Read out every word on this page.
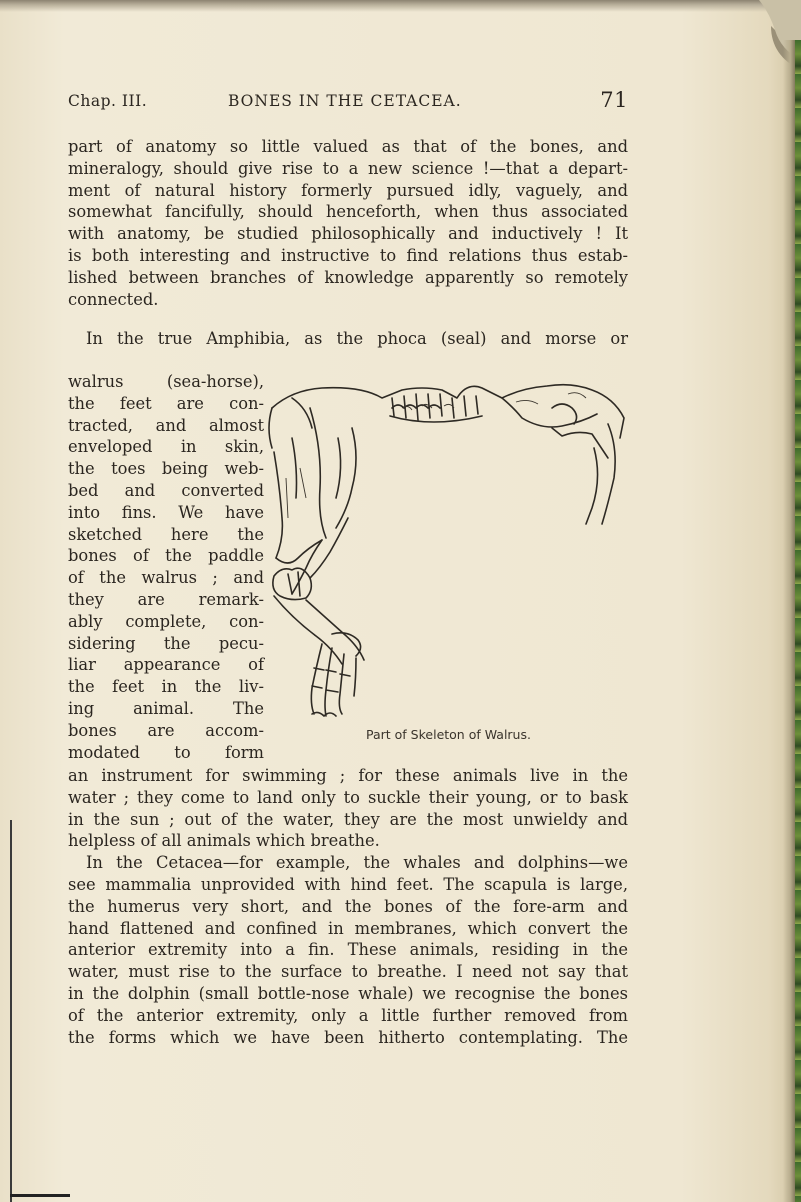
Chap. III.	BONES IN THE CETACEA.	71
part of anatomy so little valued as that of the bones, and
mineralogy, should give rise to a new science !—that a depart-
ment of natural history formerly pursued idly, vaguely, and
somewhat fancifully, should henceforth, when thus associated
with anatomy, be studied philosophically and inductively ! It
is both interesting and instructive to find relations thus estab-
lished between branches of knowledge apparently so remotely
connected.
In the true Amphibia, as the phoca (seal) and morse or
walrus (sea-horse),
the feet are con-
tracted, and almost
enveloped in skin,
the toes being web-
bed and converted
into fins. We have
sketched here the
bones of the paddle
of the walrus ; and
they are remark-
ably complete, con-
sidering the pecu-
liar appearance of
the feet in the liv-
ing animal. The
bones are accom-
modated to form
Part of Skeleton of Walrus.
an instrument for swimming ; for these animals live in the
water ; they come to land only to suckle their young, or to bask
in the sun ; out of the water, they are the most unwieldy and
helpless of all animals which breathe.
In the Cetacea—for example, the whales and dolphins—we
see mammalia unprovided with hind feet. The scapula is large,
the humerus very short, and the bones of the fore-arm and
hand flattened and confined in membranes, which convert the
anterior extremity into a fin. These animals, residing in the
water, must rise to the surface to breathe. I need not say that
in the dolphin (small bottle-nose whale) we recognise the bones
of the anterior extremity, only a little further removed from
the forms which we have been hitherto contemplating. The
